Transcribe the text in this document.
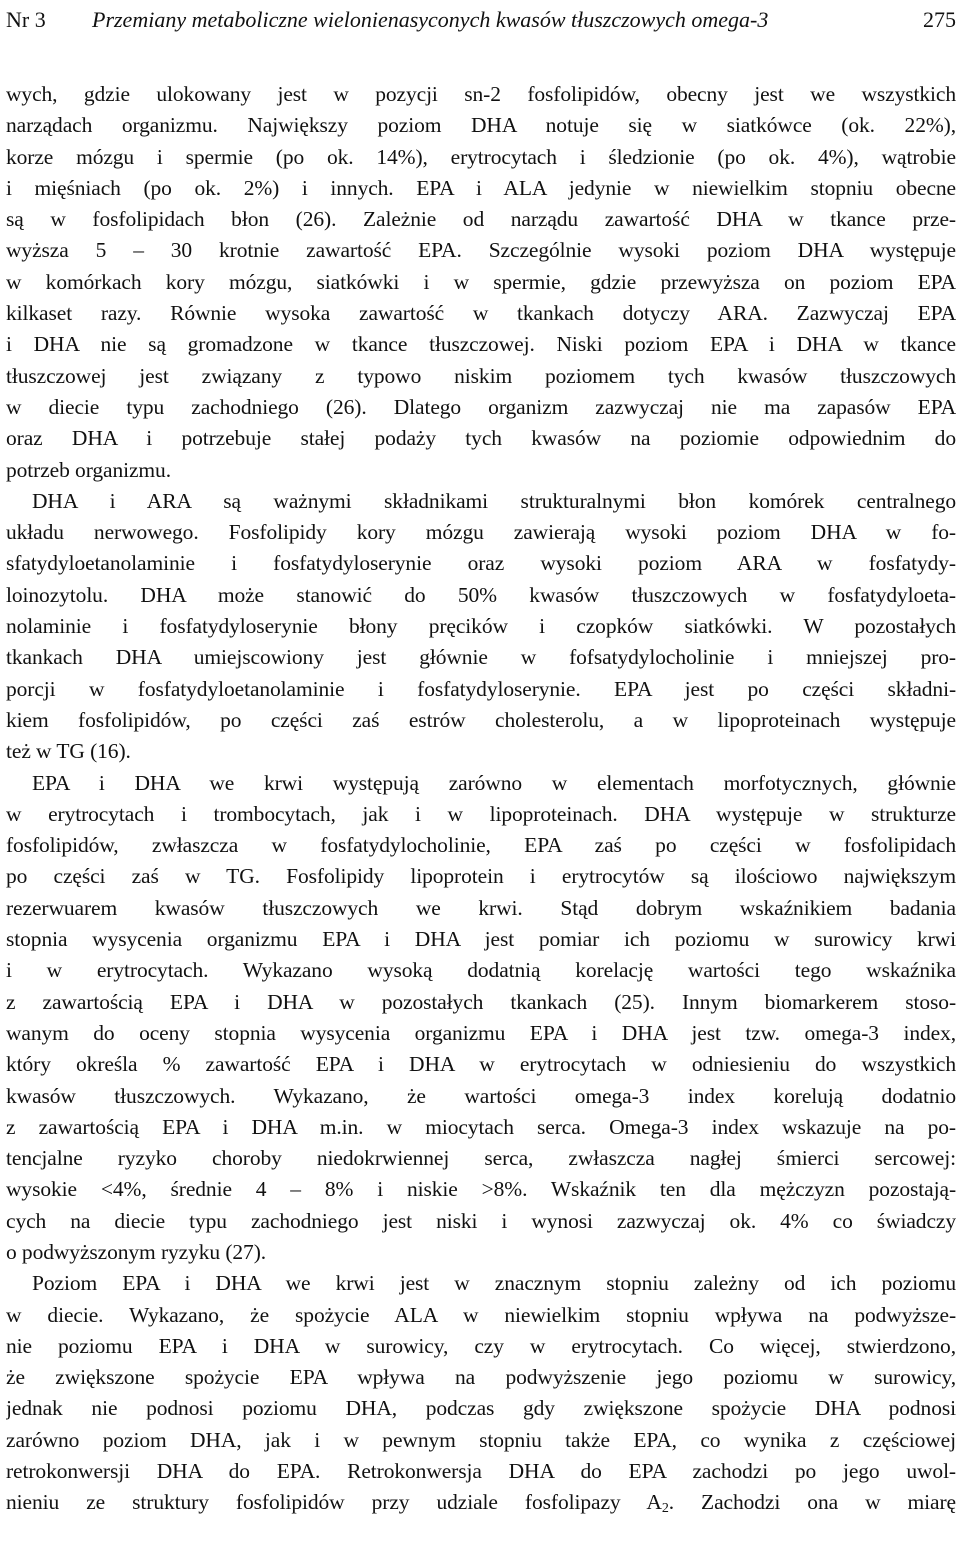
Nr 3 Przemiany metaboliczne wielonienasyconych kwasów tłuszczowych omega-3	275
wych, gdzie ulokowany jest w pozycji sn-2 fosfolipidów, obecny jest we wszystkich
narządach organizmu. Największy poziom DHA notuje się w siatkówce (ok. 22%),
korze mózgu i spermie (po ok. 14%), erytrocytach i śledzionie (po ok. 4%), wątrobie
i mięśniach (po ok. 2%) i innych. EPA i ALA jedynie w niewielkim stopniu obecne
są w fosfolipidach błon (26). Zależnie od narządu zawartość DHA w tkance prze-
wyższa 5 – 30 krotnie zawartość EPA. Szczególnie wysoki poziom DHA występuje
w komórkach kory mózgu, siatkówki i w spermie, gdzie przewyższa on poziom EPA
kilkaset razy. Równie wysoka zawartość w tkankach dotyczy ARA. Zazwyczaj EPA
i DHA nie są gromadzone w tkance tłuszczowej. Niski poziom EPA i DHA w tkance
tłuszczowej jest związany z typowo niskim poziomem tych kwasów tłuszczowych
w diecie typu zachodniego (26). Dlatego organizm zazwyczaj nie ma zapasów EPA
oraz DHA i potrzebuje stałej podaży tych kwasów na poziomie odpowiednim do
potrzeb organizmu.
DHA i ARA są ważnymi składnikami strukturalnymi błon komórek centralnego
układu nerwowego. Fosfolipidy kory mózgu zawierają wysoki poziom DHA w fo-
sfatydyloetanolaminie i fosfatydyloserynie oraz wysoki poziom ARA w fosfatydy-
loinozytolu. DHA może stanowić do 50% kwasów tłuszczowych w fosfatydyloeta-
nolaminie i fosfatydyloserynie błony pręcików i czopków siatkówki. W pozostałych
tkankach DHA umiejscowiony jest głównie w fofsatydylocholinie i mniejszej pro-
porcji w fosfatydyloetanolaminie i fosfatydyloserynie. EPA jest po części składni-
kiem fosfolipidów, po części zaś estrów cholesterolu, a w lipoproteinach występuje
też w TG (16).
EPA i DHA we krwi występują zarówno w elementach morfotycznych, głównie
w erytrocytach i trombocytach, jak i w lipoproteinach. DHA występuje w strukturze
fosfolipidów, zwłaszcza w fosfatydylocholinie, EPA zaś po części w fosfolipidach
po części zaś w TG. Fosfolipidy lipoprotein i erytrocytów są ilościowo największym
rezerwuarem kwasów tłuszczowych we krwi. Stąd dobrym wskaźnikiem badania
stopnia wysycenia organizmu EPA i DHA jest pomiar ich poziomu w surowicy krwi
i w erytrocytach. Wykazano wysoką dodatnią korelację wartości tego wskaźnika
z zawartością EPA i DHA w pozostałych tkankach (25). Innym biomarkerem stoso-
wanym do oceny stopnia wysycenia organizmu EPA i DHA jest tzw. omega-3 index,
który określa % zawartość EPA i DHA w erytrocytach w odniesieniu do wszystkich
kwasów tłuszczowych. Wykazano, że wartości omega-3 index korelują dodatnio
z zawartością EPA i DHA m.in. w miocytach serca. Omega-3 index wskazuje na po-
tencjalne ryzyko choroby niedokrwiennej serca, zwłaszcza nagłej śmierci sercowej:
wysokie <4%, średnie 4 – 8% i niskie >8%. Wskaźnik ten dla mężczyzn pozostają-
cych na diecie typu zachodniego jest niski i wynosi zazwyczaj ok. 4% co świadczy
o podwyższonym ryzyku (27).
Poziom EPA i DHA we krwi jest w znacznym stopniu zależny od ich poziomu
w diecie. Wykazano, że spożycie ALA w niewielkim stopniu wpływa na podwyższe-
nie poziomu EPA i DHA w surowicy, czy w erytrocytach. Co więcej, stwierdzono,
że zwiększone spożycie EPA wpływa na podwyższenie jego poziomu w surowicy,
jednak nie podnosi poziomu DHA, podczas gdy zwiększone spożycie DHA podnosi
zarówno poziom DHA, jak i w pewnym stopniu także EPA, co wynika z częściowej
retrokonwersji DHA do EPA. Retrokonwersja DHA do EPA zachodzi po jego uwol-
nieniu ze struktury fosfolipidów przy udziale fosfolipazy $A_2$. Zachodzi ona w miarę
